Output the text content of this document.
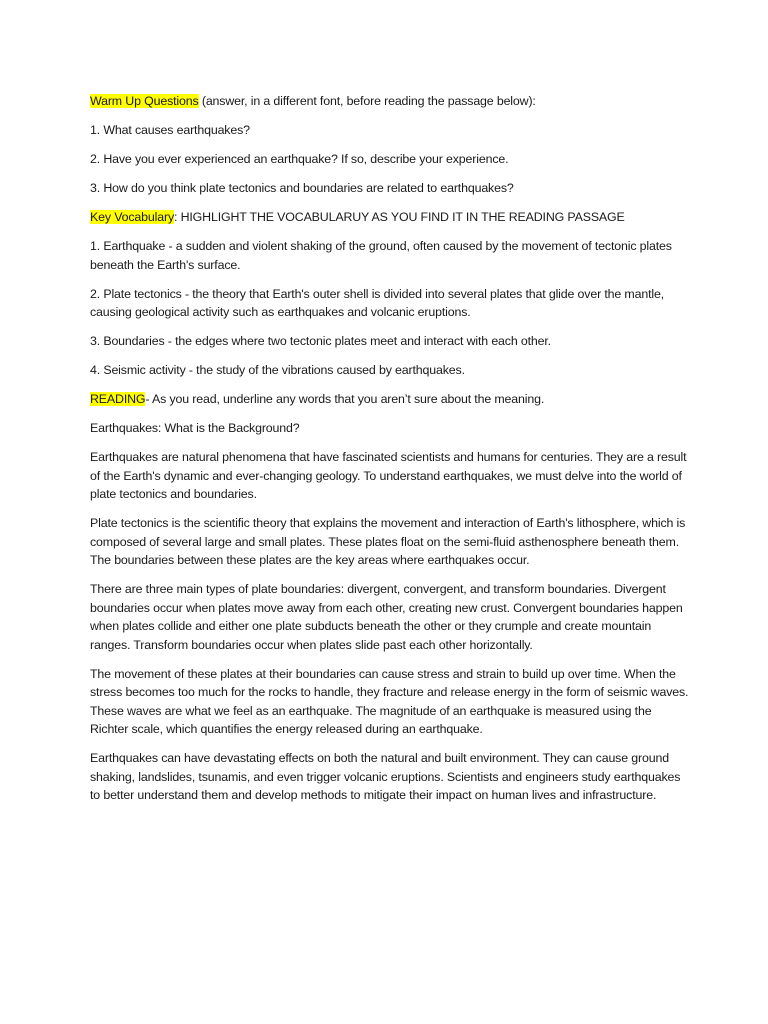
Warm Up Questions (answer, in a different font, before reading the passage below):

1. What causes earthquakes?

2. Have you ever experienced an earthquake? If so, describe your experience.

3. How do you think plate tectonics and boundaries are related to earthquakes?

Key Vocabulary: HIGHLIGHT THE VOCABULARUY AS YOU FIND IT IN THE READING PASSAGE

1. Earthquake - a sudden and violent shaking of the ground, often caused by the movement of tectonic plates beneath the Earth's surface.

2. Plate tectonics - the theory that Earth's outer shell is divided into several plates that glide over the mantle, causing geological activity such as earthquakes and volcanic eruptions.

3. Boundaries - the edges where two tectonic plates meet and interact with each other.

4. Seismic activity - the study of the vibrations caused by earthquakes.

READING- As you read, underline any words that you aren’t sure about the meaning.

Earthquakes: What is the Background?

Earthquakes are natural phenomena that have fascinated scientists and humans for centuries. They are a result of the Earth's dynamic and ever-changing geology. To understand earthquakes, we must delve into the world of plate tectonics and boundaries.

Plate tectonics is the scientific theory that explains the movement and interaction of Earth's lithosphere, which is composed of several large and small plates. These plates float on the semi-fluid asthenosphere beneath them. The boundaries between these plates are the key areas where earthquakes occur.

There are three main types of plate boundaries: divergent, convergent, and transform boundaries. Divergent boundaries occur when plates move away from each other, creating new crust. Convergent boundaries happen when plates collide and either one plate subducts beneath the other or they crumple and create mountain ranges. Transform boundaries occur when plates slide past each other horizontally.

The movement of these plates at their boundaries can cause stress and strain to build up over time. When the stress becomes too much for the rocks to handle, they fracture and release energy in the form of seismic waves. These waves are what we feel as an earthquake. The magnitude of an earthquake is measured using the Richter scale, which quantifies the energy released during an earthquake.

Earthquakes can have devastating effects on both the natural and built environment. They can cause ground shaking, landslides, tsunamis, and even trigger volcanic eruptions. Scientists and engineers study earthquakes to better understand them and develop methods to mitigate their impact on human lives and infrastructure.
